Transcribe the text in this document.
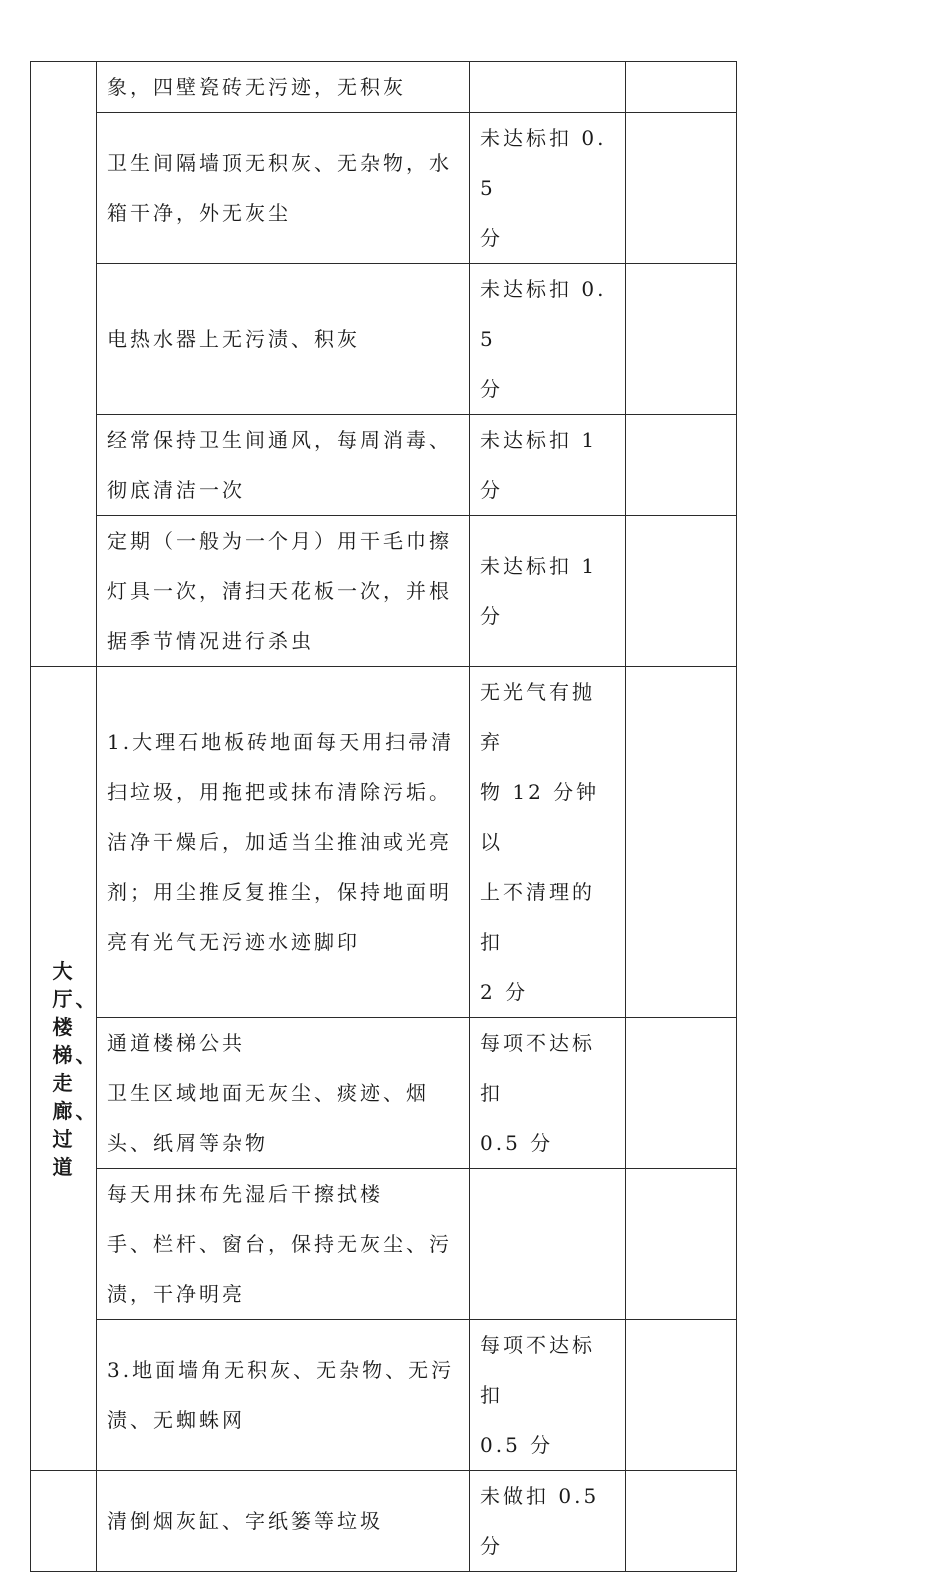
	象，四壁瓷砖无污迹，无积灰		

	卫生间隔墙顶无积灰、无杂物，水
箱干净，外无灰尘	未达标扣 0.5
分	

	电热水器上无污渍、积灰	未达标扣 0.5
分	

	经常保持卫生间通风，每周消毒、
彻底清洁一次	未达标扣 1 分	

	定期（一般为一个月）用干毛巾擦
灯具一次，清扫天花板一次，并根
据季节情况进行杀虫	未达标扣 1 分	

大厅、楼梯、走廊、过道	1.大理石地板砖地面每天用扫帚清
扫垃圾，用拖把或抹布清除污垢。
洁净干燥后，加适当尘推油或光亮
剂；用尘推反复推尘，保持地面明
亮有光气无污迹水迹脚印	无光气有抛弃
物 12 分钟以
上不清理的扣
2 分	

	通道楼梯公共
卫生区域地面无灰尘、痰迹、烟
头、纸屑等杂物	每项不达标扣
0.5 分	

	每天用抹布先湿后干擦拭楼
手、栏杆、窗台，保持无灰尘、污
渍，干净明亮		

	3.地面墙角无积灰、无杂物、无污
渍、无蜘蛛网	每项不达标扣
0.5 分	

	清倒烟灰缸、字纸篓等垃圾	未做扣 0.5 分	
